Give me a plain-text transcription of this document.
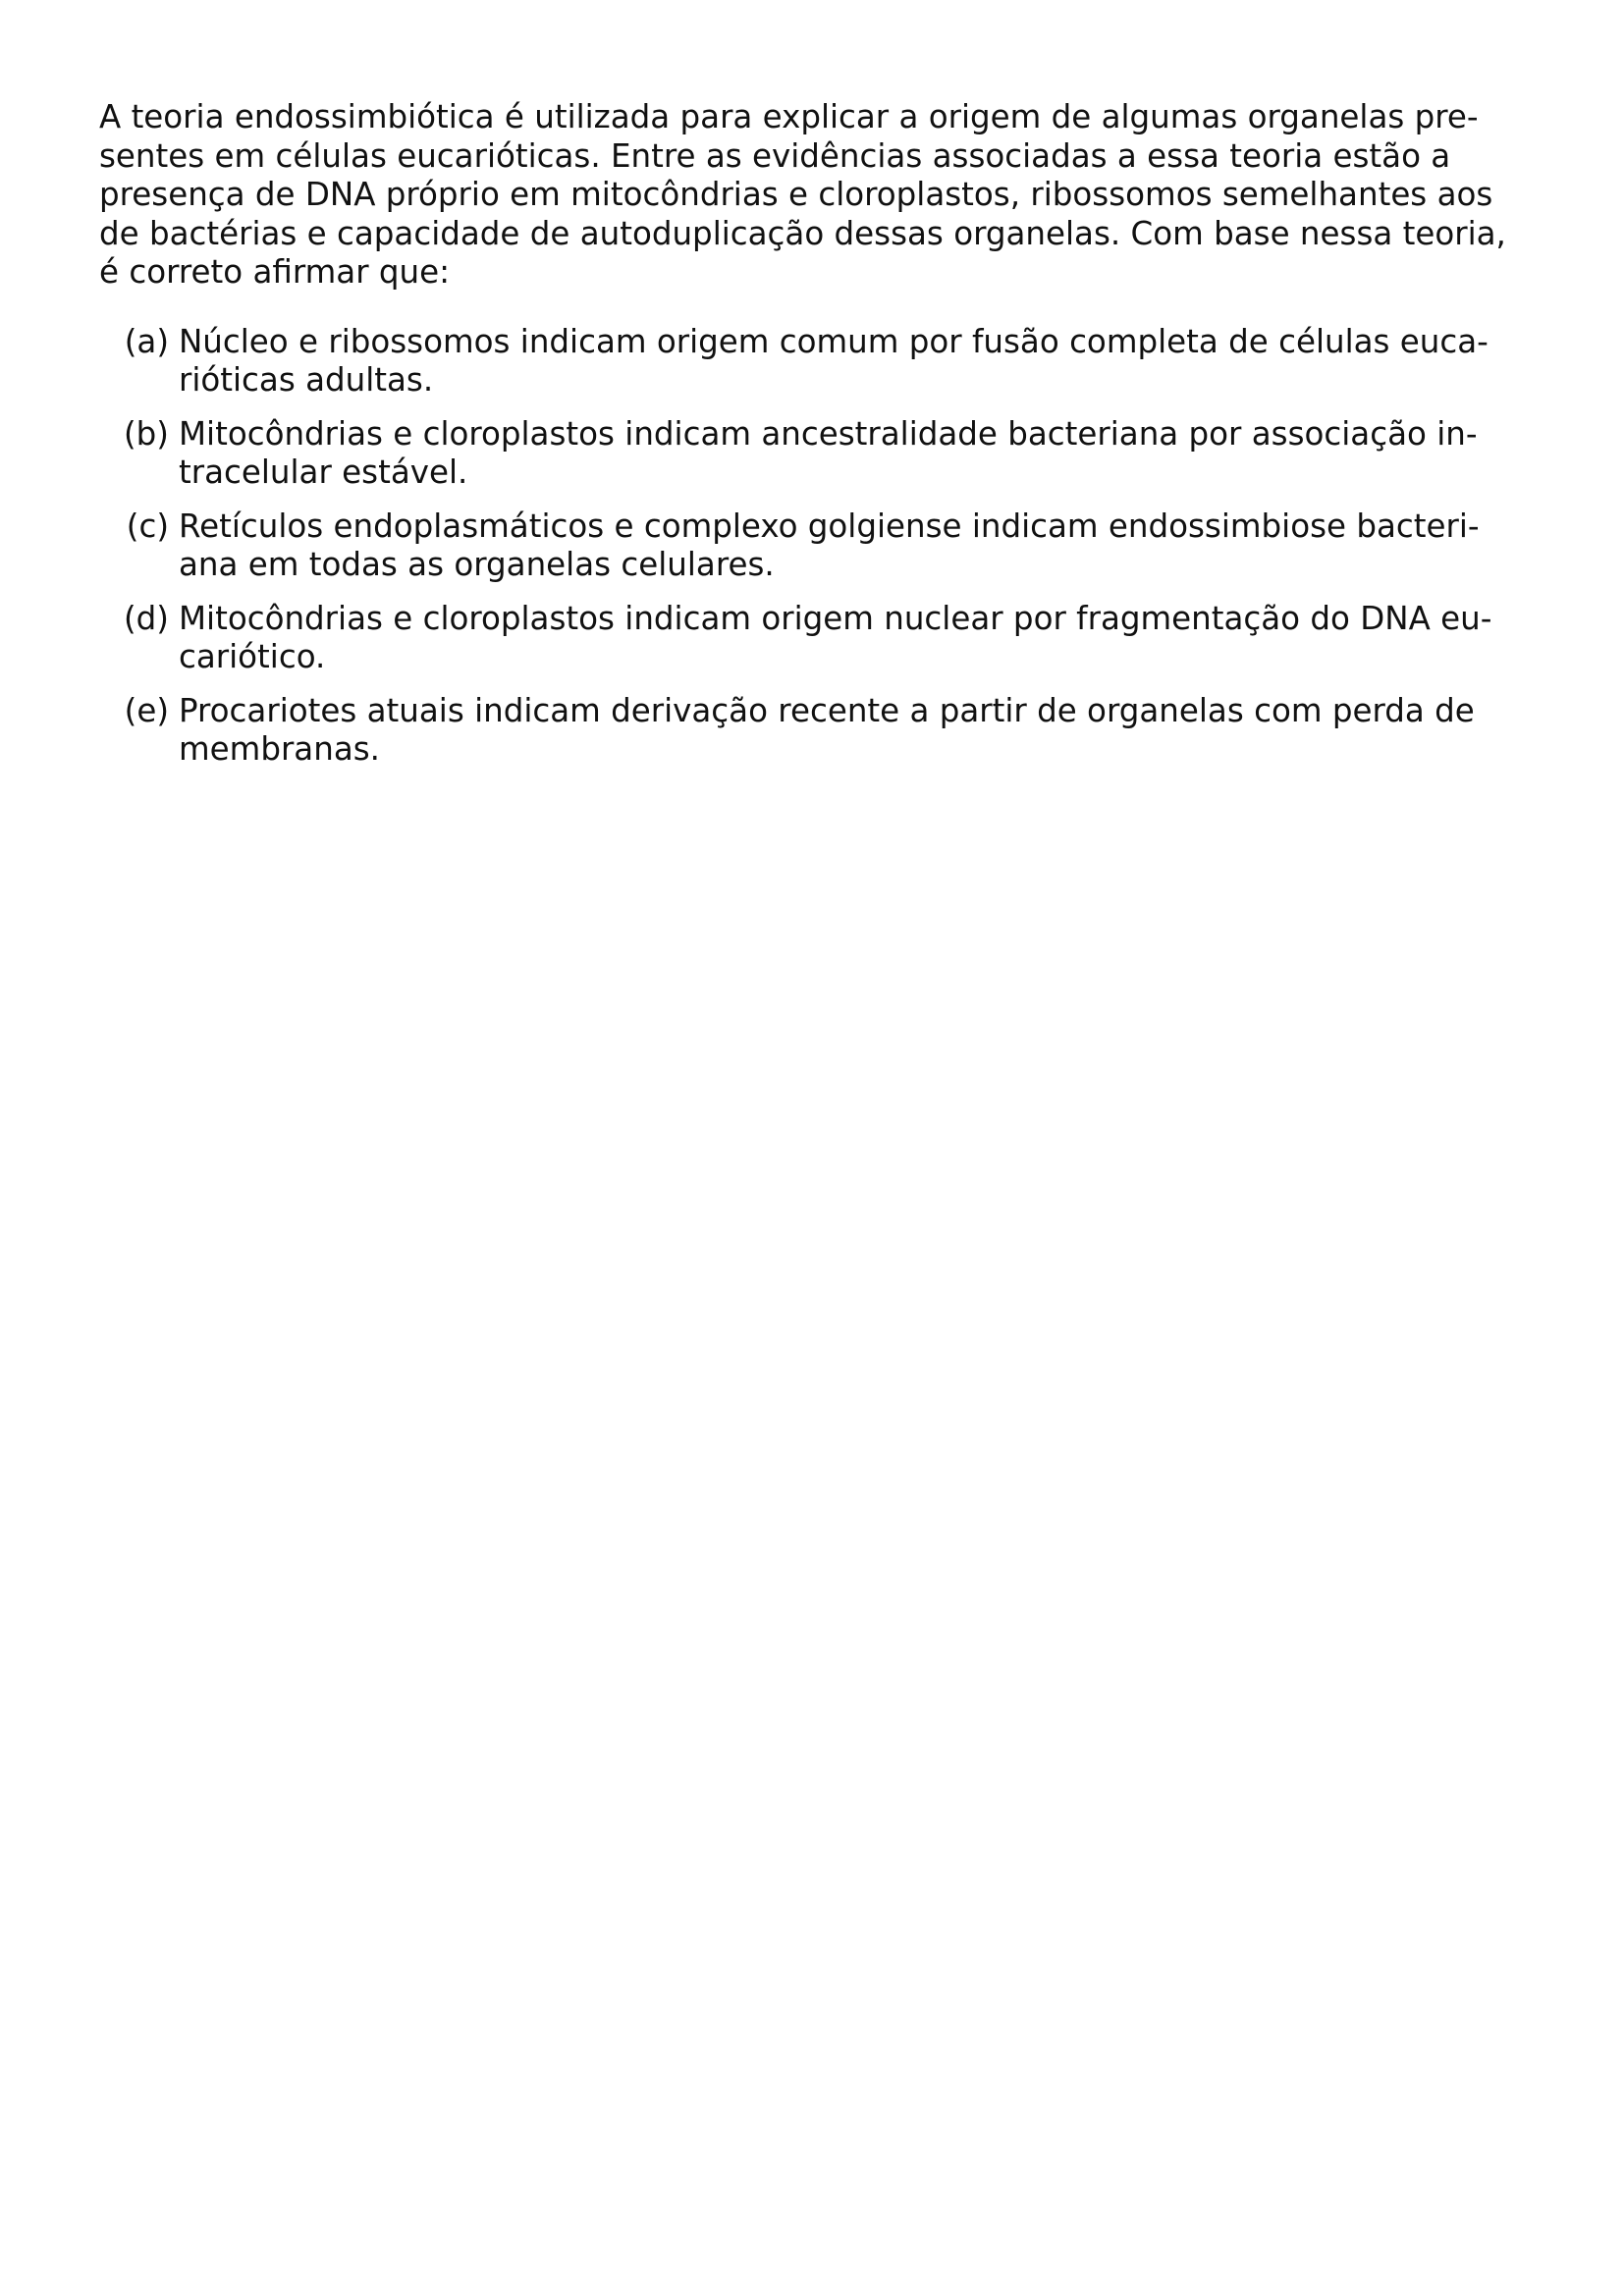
A teoria endossimbiótica é utilizada para explicar a origem de algumas organelas pre-
sentes em células eucarióticas. Entre as evidências associadas a essa teoria estão a
presença de DNA próprio em mitocôndrias e cloroplastos, ribossomos semelhantes aos
de bactérias e capacidade de autoduplicação dessas organelas. Com base nessa teoria,
é correto afirmar que:

(a) Núcleo e ribossomos indicam origem comum por fusão completa de células euca-
rióticas adultas.
(b) Mitocôndrias e cloroplastos indicam ancestralidade bacteriana por associação in-
tracelular estável.
(c) Retículos endoplasmáticos e complexo golgiense indicam endossimbiose bacteri-
ana em todas as organelas celulares.
(d) Mitocôndrias e cloroplastos indicam origem nuclear por fragmentação do DNA eu-
cariótico.
(e) Procariotes atuais indicam derivação recente a partir de organelas com perda de
membranas.
